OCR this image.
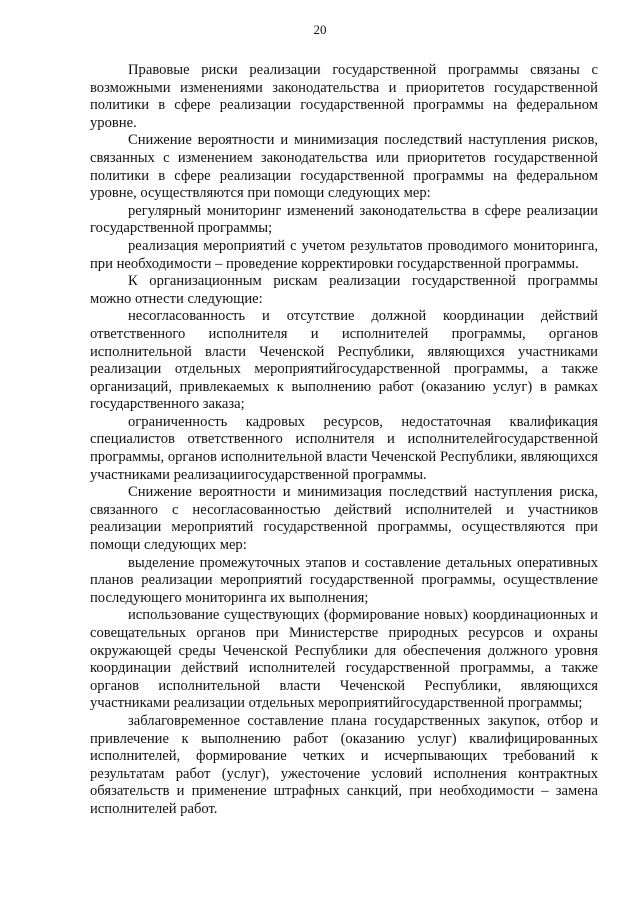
20

Правовые риски реализации государственной программы связаны с возможными изменениями законодательства и приоритетов государственной политики в сфере реализации государственной программы на федеральном уровне.

Снижение вероятности и минимизация последствий наступления рисков, связанных с изменением законодательства или приоритетов государственной политики в сфере реализации государственной программы на федеральном уровне, осуществляются при помощи следующих мер:

регулярный мониторинг изменений законодательства в сфере реализации государственной программы;

реализация мероприятий с учетом результатов проводимого мониторинга, при необходимости – проведение корректировки государственной программы.

К организационным рискам реализации государственной программы можно отнести следующие:

несогласованность и отсутствие должной координации действий ответственного исполнителя и исполнителей программы, органов исполнительной власти Чеченской Республики, являющихся участниками реализации отдельных мероприятийгосударственной программы, а также организаций, привлекаемых к выполнению работ (оказанию услуг) в рамках государственного заказа;

ограниченность кадровых ресурсов, недостаточная квалификация специалистов ответственного исполнителя и исполнителейгосударственной программы, органов исполнительной власти Чеченской Республики, являющихся участниками реализациигосударственной программы.

Снижение вероятности и минимизация последствий наступления риска, связанного с несогласованностью действий исполнителей и участников реализации мероприятий государственной программы, осуществляются при помощи следующих мер:

выделение промежуточных этапов и составление детальных оперативных планов реализации мероприятий государственной программы, осуществление последующего мониторинга их выполнения;

использование существующих (формирование новых) координационных и совещательных органов при Министерстве природных ресурсов и охраны окружающей среды Чеченской Республики для обеспечения должного уровня координации действий исполнителей государственной программы, а также органов исполнительной власти Чеченской Республики, являющихся участниками реализации отдельных мероприятийгосударственной программы;

заблаговременное составление плана государственных закупок, отбор и привлечение к выполнению работ (оказанию услуг) квалифицированных исполнителей, формирование четких и исчерпывающих требований к результатам работ (услуг), ужесточение условий исполнения контрактных обязательств и применение штрафных санкций, при необходимости – замена исполнителей работ.
